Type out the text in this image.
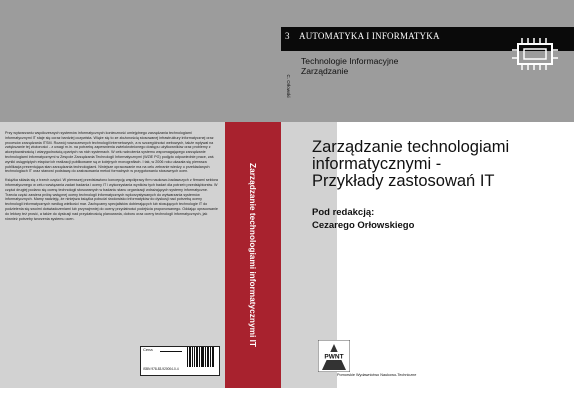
Przy wytwarzaniu współczesnych systemów informatycznych konieczność umiejętnego zarządzania technologiami informatycznymi IT staje się coraz bardziej oczywista. Wiąże się to ze złożonością stosowanej infrastruktury informatycznej oraz procesów zarządzania ITSM. Rozwój nowoczesnych technologii internetowych, a w szczególności webowych, także wpływał na zwiększanie tej złożoności - z uwagi m.in. na potrzebę zapewnienia zwielokrotnionego dostępu użytkowników oraz problemy z akceptowalnością i wiarygodnością opartych na nich systemach. W celu wdrożenia systemu wspomagającego zarządzanie technologiami informatycznymi w Zespole Zarządzania Technologii Informatycznymi (WZiE PG) podjęto odpowiednie prace, zaś wyniki osiągniętych etapów ich realizacji publikowane są w kolejnych monografiach. I tak, w 2006 roku ukazała się pierwsza publikacja prezentująca stan zarządzania technologiami. Niniejsze opracowanie ma na celu zebranie wiedzy o przekładanych technologiach IT oraz stanowi podstawę do zastosowania metod formalnych w przygotowaniu stosownych ocen.

Książka składa się z trzech części. W pierwszej przedstawiono koncepcję współpracy firm naukowo-badawczych z firmami sektora informatycznego w celu rozwiązania zadań badania i oceny IT i wykorzystania wyników tych badań dla potrzeb przedsiębiorstw. W części drugiej podano się ocenę technologii stosowanych w badaniu stanu organizacji wdrażających systemy informatyczne. Trzecia część zawiera próbę wstępnej oceny technologii informatycznych wykorzystywanych do wytwarzania systemów informatycznych. Mamy nadzieję, że niniejsza książka pobudzi środowisko informatyków do dyskusji nad potrzebą oceny technologii informatycznych według wielkości mar. Zachęcamy specjalistów dobierających lub stosujących technologie IT do podzielenia się swoimi doświadczeniami lub przynajmniej do oceny przydatności podejścia proponowanego. Oddając opracowanie do lektury też prosić, a także do dyskusji nad przydatnością planowania, doboru oraz oceny technologii informatycznych, jak również potrzeby tworzenia systemu ocen.

Cena
ISBN 978-83-920004-0-4
Zarządzanie technologiami informatycznymi IT
3 AUTOMATYKA I INFORMATYKA
Technologie Informacyjne
Zarządzanie
C. Orłowski
Zarządzanie technologiami
informatycznymi -
Przykłady zastosowań IT
Pod redakcją:
Cezarego Orłowskiego
PWNT
Pomorskie Wydawnictwo Naukowo-Techniczne
